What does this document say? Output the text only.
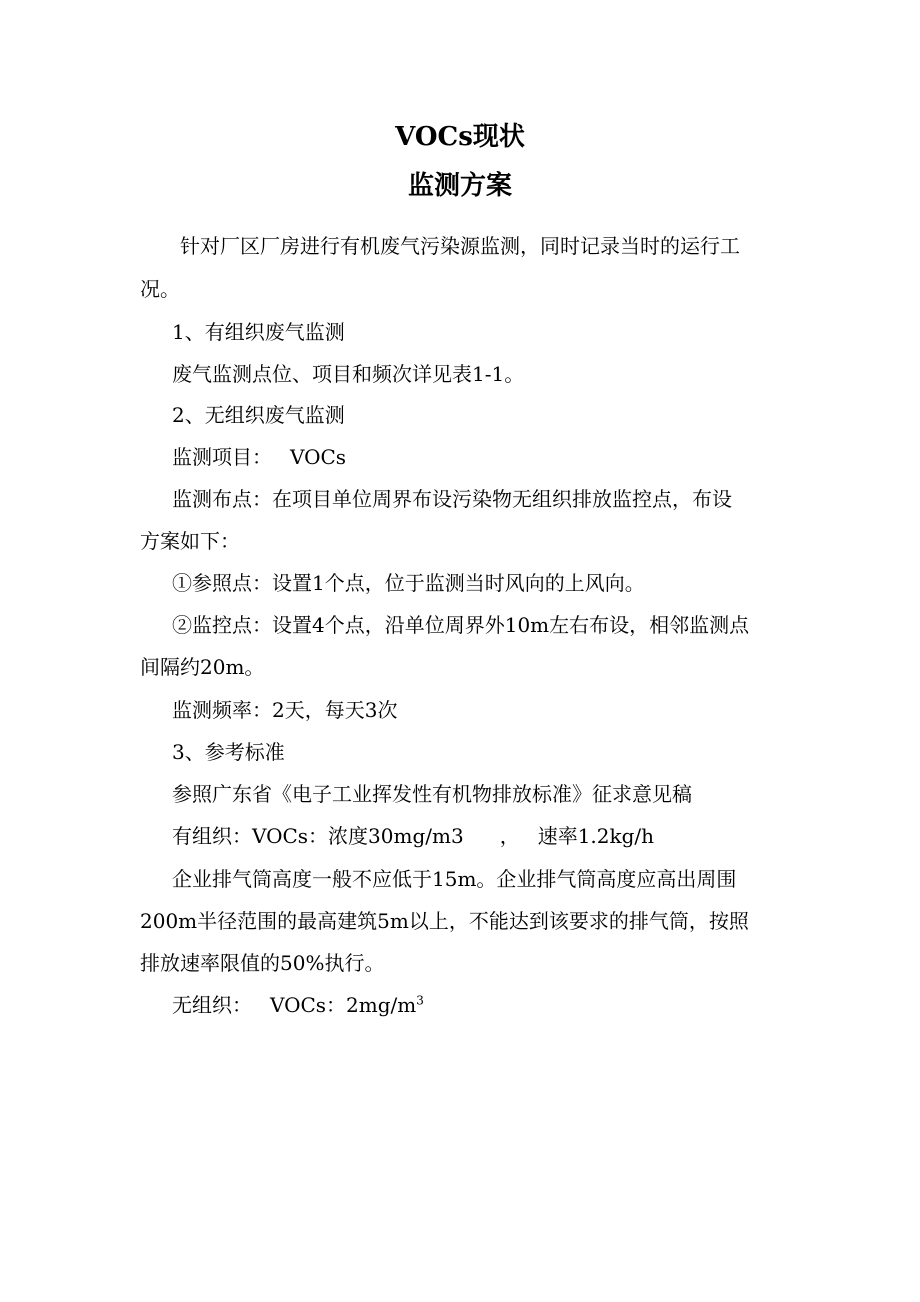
VOCs现状
监测方案
针对厂区厂房进行有机废气污染源监测，同时记录当时的运行工
况。
1、有组织废气监测
废气监测点位、项目和频次详见表1-1。
2、无组织废气监测
监测项目： VOCs
监测布点：在项目单位周界布设污染物无组织排放监控点，布设
方案如下：
①参照点：设置1个点，位于监测当时风向的上风向。
②监控点：设置4个点，沿单位周界外10m左右布设，相邻监测点
间隔约20m。
监测频率：2天，每天3次
3、参考标准
参照广东省《电子工业挥发性有机物排放标准》征求意见稿
有组织：VOCs：浓度30mg/m3 ， 速率1.2kg/h
企业排气筒高度一般不应低于15m。企业排气筒高度应高出周围
200m半径范围的最高建筑5m以上，不能达到该要求的排气筒，按照
排放速率限值的50%执行。
无组织： VOCs：$2mg/m^3$
